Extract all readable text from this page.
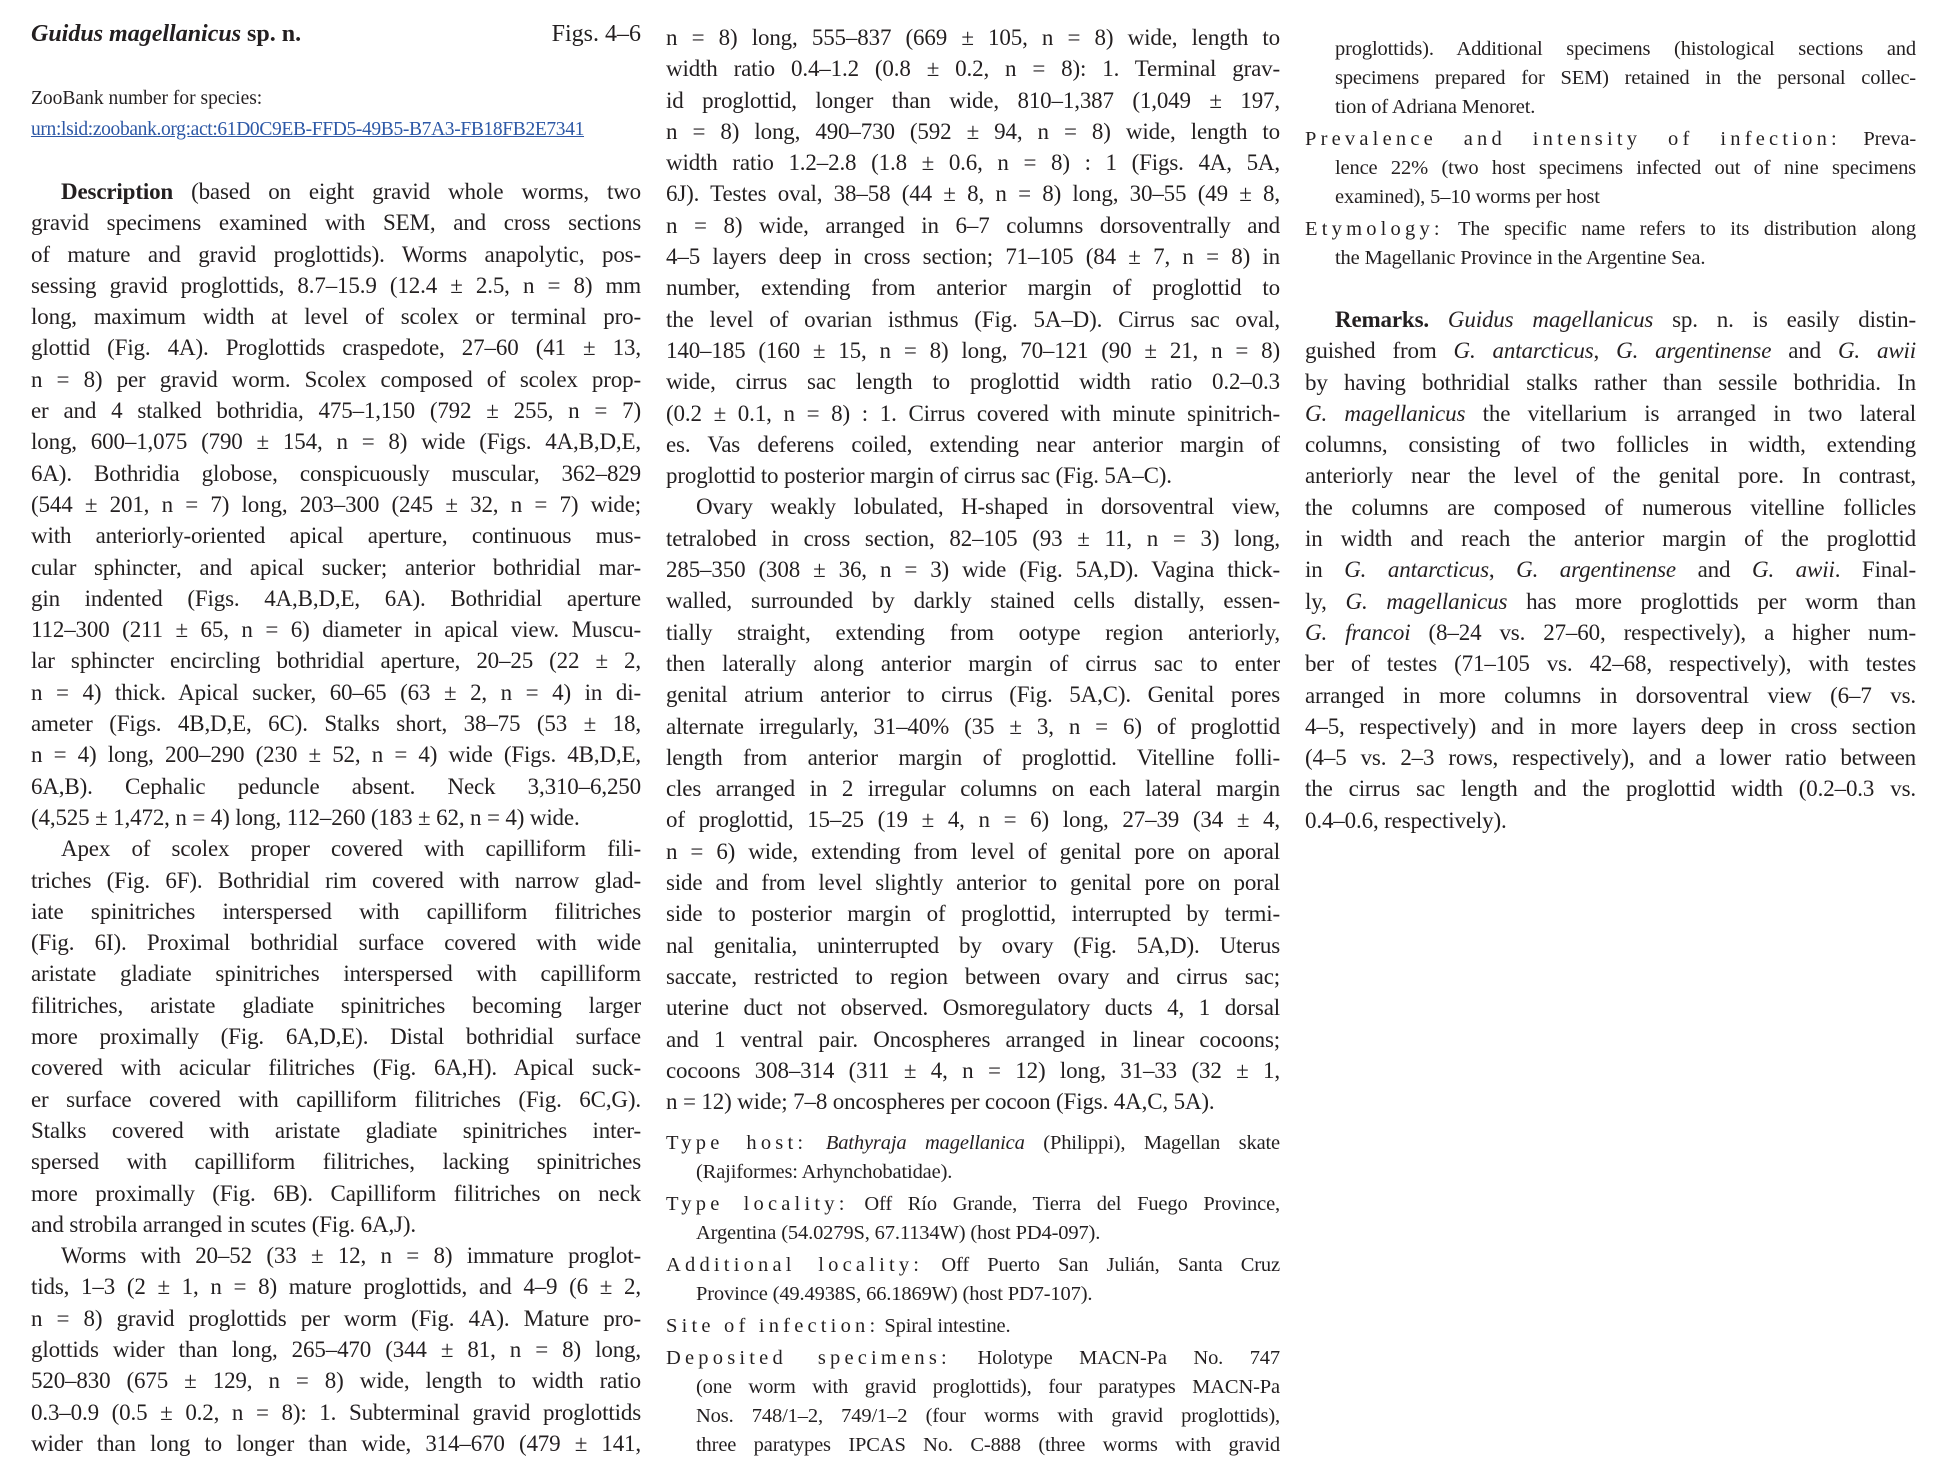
Guidus magellanicus sp. n.	Figs. 4–6
ZooBank number for species:
urn:lsid:zoobank.org:act:61D0C9EB-FFD5-49B5-B7A3-FB18FB2E7341
Description (based on eight gravid whole worms, two
gravid specimens examined with SEM, and cross sections
of mature and gravid proglottids). Worms anapolytic, pos-
sessing gravid proglottids, 8.7–15.9 (12.4 ± 2.5, n = 8) mm
long, maximum width at level of scolex or terminal pro-
glottid (Fig. 4A). Proglottids craspedote, 27–60 (41 ± 13,
n = 8) per gravid worm. Scolex composed of scolex prop-
er and 4 stalked bothridia, 475–1,150 (792 ± 255, n = 7)
long, 600–1,075 (790 ± 154, n = 8) wide (Figs. 4A,B,D,E,
6A). Bothridia globose, conspicuously muscular, 362–829
(544 ± 201, n = 7) long, 203–300 (245 ± 32, n = 7) wide;
with anteriorly-oriented apical aperture, continuous mus-
cular sphincter, and apical sucker; anterior bothridial mar-
gin indented (Figs. 4A,B,D,E, 6A). Bothridial aperture
112–300 (211 ± 65, n = 6) diameter in apical view. Muscu-
lar sphincter encircling bothridial aperture, 20–25 (22 ± 2,
n = 4) thick. Apical sucker, 60–65 (63 ± 2, n = 4) in di-
ameter (Figs. 4B,D,E, 6C). Stalks short, 38–75 (53 ± 18,
n = 4) long, 200–290 (230 ± 52, n = 4) wide (Figs. 4B,D,E,
6A,B). Cephalic peduncle absent. Neck 3,310–6,250
(4,525 ± 1,472, n = 4) long, 112–260 (183 ± 62, n = 4) wide.
Apex of scolex proper covered with capilliform fili-
triches (Fig. 6F). Bothridial rim covered with narrow glad-
iate spinitriches interspersed with capilliform filitriches
(Fig. 6I). Proximal bothridial surface covered with wide
aristate gladiate spinitriches interspersed with capilliform
filitriches, aristate gladiate spinitriches becoming larger
more proximally (Fig. 6A,D,E). Distal bothridial surface
covered with acicular filitriches (Fig. 6A,H). Apical suck-
er surface covered with capilliform filitriches (Fig. 6C,G).
Stalks covered with aristate gladiate spinitriches inter-
spersed with capilliform filitriches, lacking spinitriches
more proximally (Fig. 6B). Capilliform filitriches on neck
and strobila arranged in scutes (Fig. 6A,J).
Worms with 20–52 (33 ± 12, n = 8) immature proglot-
tids, 1–3 (2 ± 1, n = 8) mature proglottids, and 4–9 (6 ± 2,
n = 8) gravid proglottids per worm (Fig. 4A). Mature pro-
glottids wider than long, 265–470 (344 ± 81, n = 8) long,
520–830 (675 ± 129, n = 8) wide, length to width ratio
0.3–0.9 (0.5 ± 0.2, n = 8): 1. Subterminal gravid proglottids
wider than long to longer than wide, 314–670 (479 ± 141,
n = 8) long, 555–837 (669 ± 105, n = 8) wide, length to
width ratio 0.4–1.2 (0.8 ± 0.2, n = 8): 1. Terminal grav-
id proglottid, longer than wide, 810–1,387 (1,049 ± 197,
n = 8) long, 490–730 (592 ± 94, n = 8) wide, length to
width ratio 1.2–2.8 (1.8 ± 0.6, n = 8) : 1 (Figs. 4A, 5A,
6J). Testes oval, 38–58 (44 ± 8, n = 8) long, 30–55 (49 ± 8,
n = 8) wide, arranged in 6–7 columns dorsoventrally and
4–5 layers deep in cross section; 71–105 (84 ± 7, n = 8) in
number, extending from anterior margin of proglottid to
the level of ovarian isthmus (Fig. 5A–D). Cirrus sac oval,
140–185 (160 ± 15, n = 8) long, 70–121 (90 ± 21, n = 8)
wide, cirrus sac length to proglottid width ratio 0.2–0.3
(0.2 ± 0.1, n = 8) : 1. Cirrus covered with minute spinitrich-
es. Vas deferens coiled, extending near anterior margin of
proglottid to posterior margin of cirrus sac (Fig. 5A–C).
Ovary weakly lobulated, H-shaped in dorsoventral view,
tetralobed in cross section, 82–105 (93 ± 11, n = 3) long,
285–350 (308 ± 36, n = 3) wide (Fig. 5A,D). Vagina thick-
walled, surrounded by darkly stained cells distally, essen-
tially straight, extending from ootype region anteriorly,
then laterally along anterior margin of cirrus sac to enter
genital atrium anterior to cirrus (Fig. 5A,C). Genital pores
alternate irregularly, 31–40% (35 ± 3, n = 6) of proglottid
length from anterior margin of proglottid. Vitelline folli-
cles arranged in 2 irregular columns on each lateral margin
of proglottid, 15–25 (19 ± 4, n = 6) long, 27–39 (34 ± 4,
n = 6) wide, extending from level of genital pore on aporal
side and from level slightly anterior to genital pore on poral
side to posterior margin of proglottid, interrupted by termi-
nal genitalia, uninterrupted by ovary (Fig. 5A,D). Uterus
saccate, restricted to region between ovary and cirrus sac;
uterine duct not observed. Osmoregulatory ducts 4, 1 dorsal
and 1 ventral pair. Oncospheres arranged in linear cocoons;
cocoons 308–314 (311 ± 4, n = 12) long, 31–33 (32 ± 1,
n = 12) wide; 7–8 oncospheres per cocoon (Figs. 4A,C, 5A).
Type host: Bathyraja magellanica (Philippi), Magellan skate
(Rajiformes: Arhynchobatidae).
Type locality: Off Río Grande, Tierra del Fuego Province,
Argentina (54.0279S, 67.1134W) (host PD4-097).
Additional locality: Off Puerto San Julián, Santa Cruz
Province (49.4938S, 66.1869W) (host PD7-107).
Site of infection: Spiral intestine.
Deposited specimens: Holotype MACN-Pa No. 747
(one worm with gravid proglottids), four paratypes MACN-Pa
Nos. 748/1–2, 749/1–2 (four worms with gravid proglottids),
three paratypes IPCAS No. C-888 (three worms with gravid
proglottids). Additional specimens (histological sections and
specimens prepared for SEM) retained in the personal collec-
tion of Adriana Menoret.
Prevalence and intensity of infection: Preva-
lence 22% (two host specimens infected out of nine specimens
examined), 5–10 worms per host
Etymology: The specific name refers to its distribution along
the Magellanic Province in the Argentine Sea.
Remarks. Guidus magellanicus sp. n. is easily distin-
guished from G. antarcticus, G. argentinense and G. awii
by having bothridial stalks rather than sessile bothridia. In
G. magellanicus the vitellarium is arranged in two lateral
columns, consisting of two follicles in width, extending
anteriorly near the level of the genital pore. In contrast,
the columns are composed of numerous vitelline follicles
in width and reach the anterior margin of the proglottid
in G. antarcticus, G. argentinense and G. awii. Final-
ly, G. magellanicus has more proglottids per worm than
G. francoi (8–24 vs. 27–60, respectively), a higher num-
ber of testes (71–105 vs. 42–68, respectively), with testes
arranged in more columns in dorsoventral view (6–7 vs.
4–5, respectively) and in more layers deep in cross section
(4–5 vs. 2–3 rows, respectively), and a lower ratio between
the cirrus sac length and the proglottid width (0.2–0.3 vs.
0.4–0.6, respectively).
